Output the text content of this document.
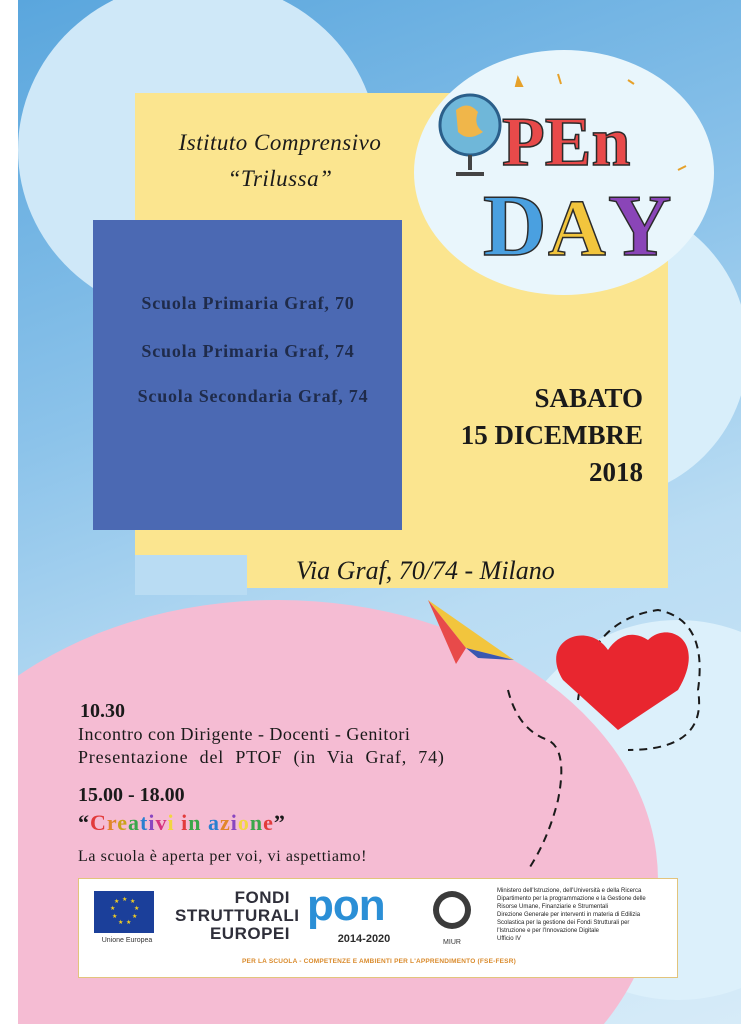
Istituto Comprensivo
“Trilussa”	PEn
D A Y
Scuola Primaria Graf, 70
Scuola Primaria Graf, 74
Scuola Secondaria Graf, 74	SABATO
15 DICEMBRE
2018
Via Graf, 70/74 - Milano
10.30
Incontro con Dirigente - Docenti - Genitori
Presentazione del PTOF (in Via Graf, 74)
15.00 - 18.00
“Creativi in azione”
La scuola è aperta per voi, vi aspettiamo!
★ ★
★
★
★
★
★
★
★
Unione Europea
FONDI
STRUTTURALI
EUROPEI
pon
2014-2020	MIUR
Ministero dell'Istruzione, dell'Università e della Ricerca
Dipartimento per la programmazione e la Gestione delle
Risorse Umane, Finanziarie e Strumentali
Direzione Generale per interventi in materia di Edilizia
Scolastica per la gestione dei Fondi Strutturali per
l'Istruzione e per l'Innovazione Digitale
Ufficio IV
PER LA SCUOLA - COMPETENZE E AMBIENTI PER L'APPRENDIMENTO (FSE-FESR)
